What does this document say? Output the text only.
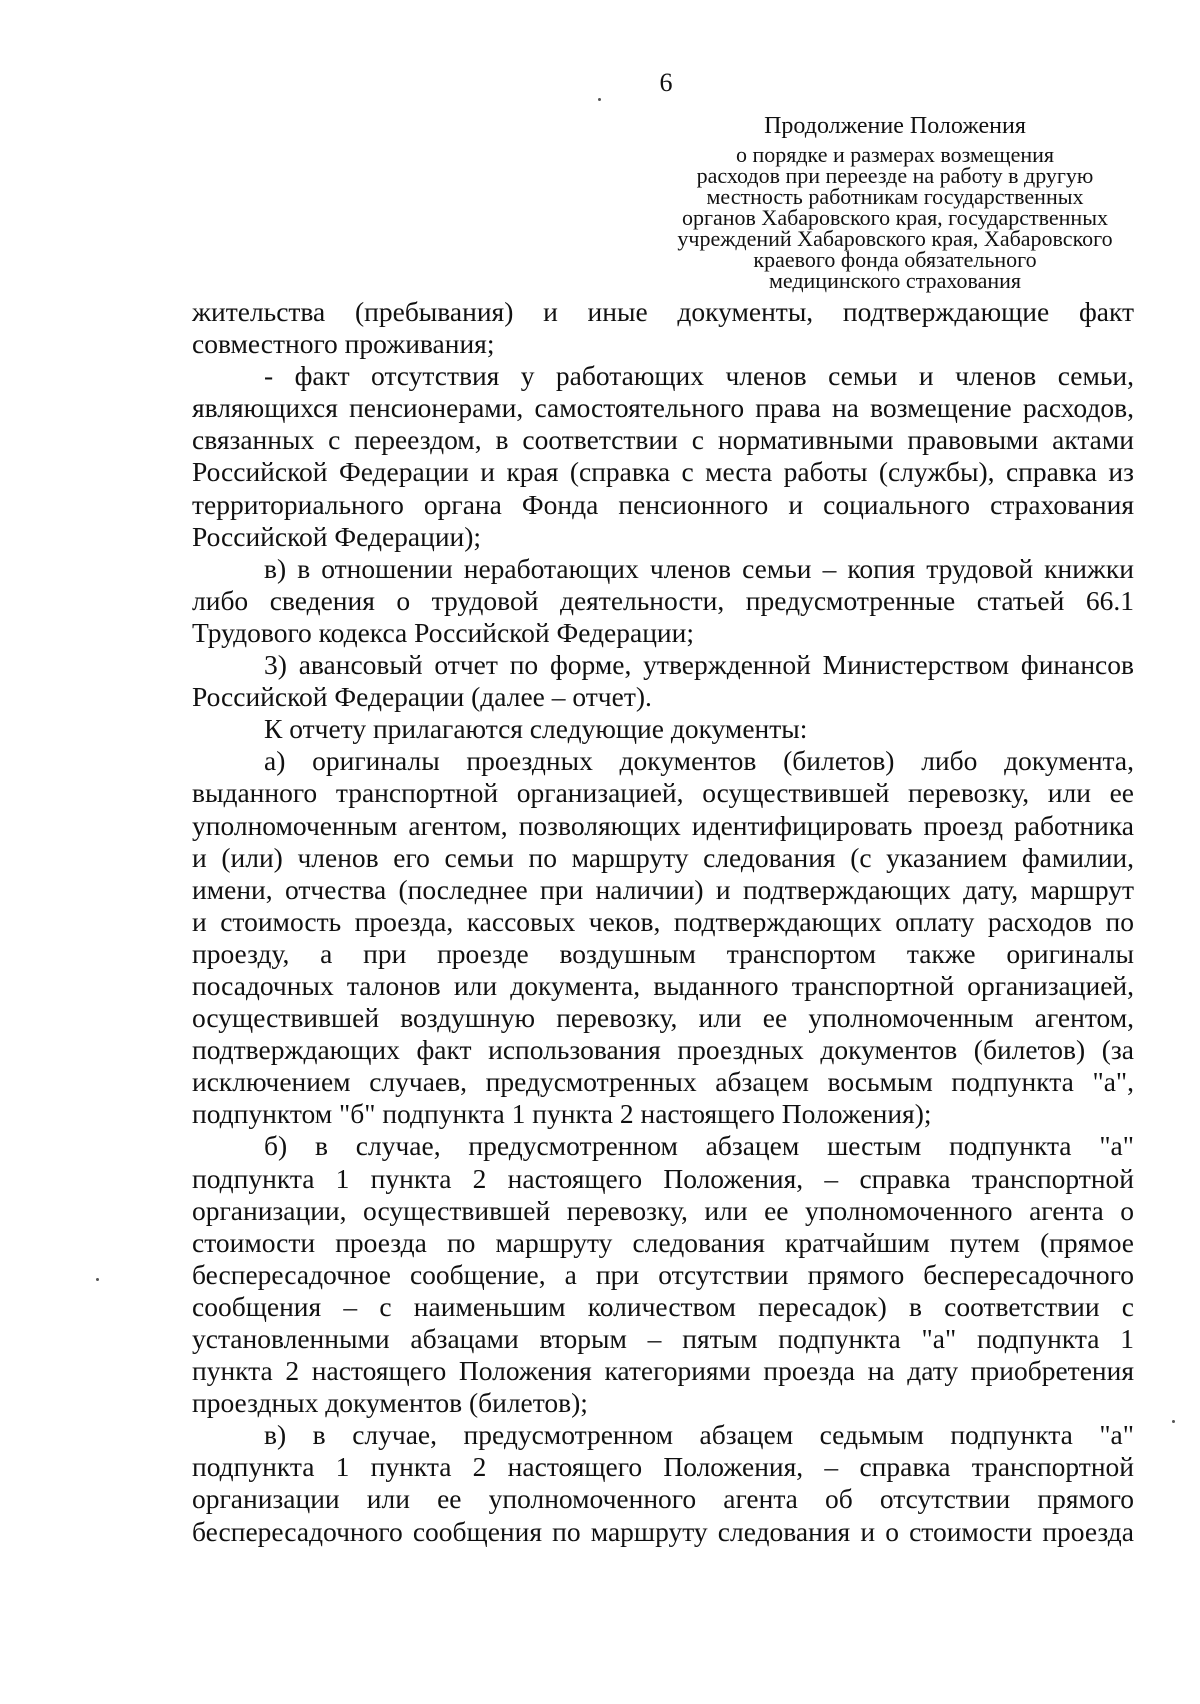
6
Продолжение Положения
о порядке и размерах возмещения
расходов при переезде на работу в другую
местность работникам государственных
органов Хабаровского края, государственных
учреждений Хабаровского края, Хабаровского
краевого фонда обязательного
медицинского страхования
жительства (пребывания) и иные документы, подтверждающие факт
совместного проживания;
- факт отсутствия у работающих членов семьи и членов семьи,
являющихся пенсионерами, самостоятельного права на возмещение расходов,
связанных с переездом, в соответствии с нормативными правовыми актами
Российской Федерации и края (справка с места работы (службы), справка из
территориального органа Фонда пенсионного и социального страхования
Российской Федерации);
в) в отношении неработающих членов семьи – копия трудовой книжки
либо сведения о трудовой деятельности, предусмотренные статьей 66.1
Трудового кодекса Российской Федерации;
3) авансовый отчет по форме, утвержденной Министерством финансов
Российской Федерации (далее – отчет).
К отчету прилагаются следующие документы:
а) оригиналы проездных документов (билетов) либо документа,
выданного транспортной организацией, осуществившей перевозку, или ее
уполномоченным агентом, позволяющих идентифицировать проезд работника
и (или) членов его семьи по маршруту следования (с указанием фамилии,
имени, отчества (последнее при наличии) и подтверждающих дату, маршрут
и стоимость проезда, кассовых чеков, подтверждающих оплату расходов по
проезду, а при проезде воздушным транспортом также оригиналы
посадочных талонов или документа, выданного транспортной организацией,
осуществившей воздушную перевозку, или ее уполномоченным агентом,
подтверждающих факт использования проездных документов (билетов) (за
исключением случаев, предусмотренных абзацем восьмым подпункта "а",
подпунктом "б" подпункта 1 пункта 2 настоящего Положения);
б) в случае, предусмотренном абзацем шестым подпункта "а"
подпункта 1 пункта 2 настоящего Положения, – справка транспортной
организации, осуществившей перевозку, или ее уполномоченного агента о
стоимости проезда по маршруту следования кратчайшим путем (прямое
беспересадочное сообщение, а при отсутствии прямого беспересадочного
сообщения – с наименьшим количеством пересадок) в соответствии с
установленными абзацами вторым – пятым подпункта "а" подпункта 1
пункта 2 настоящего Положения категориями проезда на дату приобретения
проездных документов (билетов);
в) в случае, предусмотренном абзацем седьмым подпункта "а"
подпункта 1 пункта 2 настоящего Положения, – справка транспортной
организации или ее уполномоченного агента об отсутствии прямого
беспересадочного сообщения по маршруту следования и о стоимости проезда
